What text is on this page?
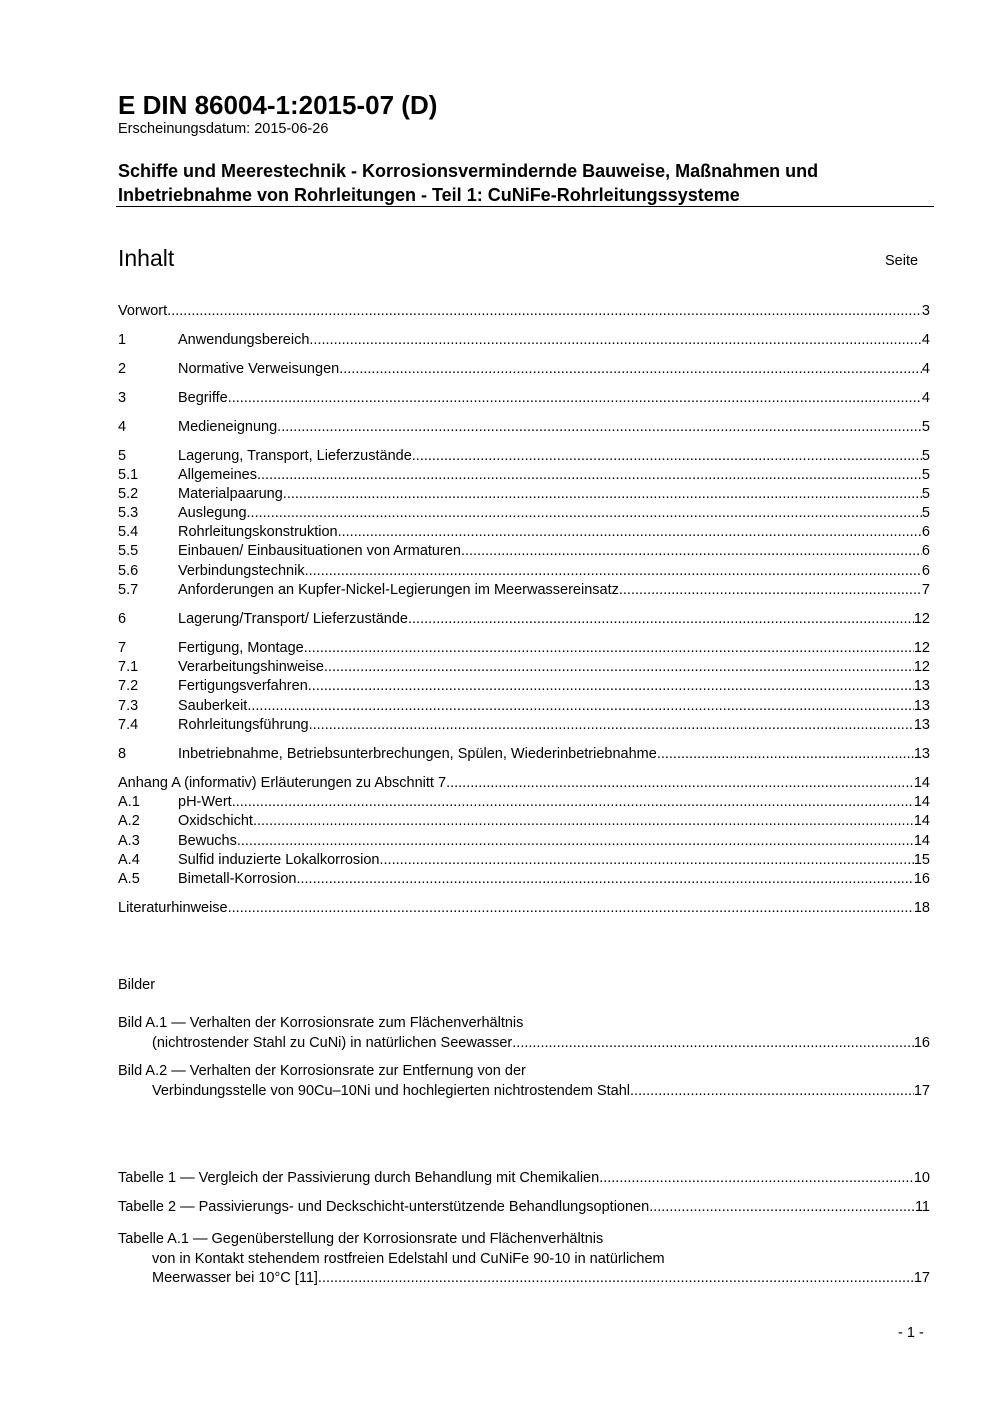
E DIN 86004-1:2015-07 (D)
Erscheinungsdatum: 2015-06-26
Schiffe und Meerestechnik - Korrosionsvermindernde Bauweise, Maßnahmen und
Inbetriebnahme von Rohrleitungen - Teil 1: CuNiFe-Rohrleitungssysteme
Inhalt	Seite
Vorwort .....	3
1	Anwendungsbereich .....	4
2	Normative Verweisungen .....	4
3	Begriffe .....	4
4	Medieneignung .....	5
5	Lagerung, Transport, Lieferzustände .....	5
5.1	Allgemeines .....	5
5.2	Materialpaarung .....	5
5.3	Auslegung .....	5
5.4	Rohrleitungskonstruktion .....	6
5.5	Einbauen/ Einbausituationen von Armaturen .....	6
5.6	Verbindungstechnik .....	6
5.7	Anforderungen an Kupfer-Nickel-Legierungen im Meerwassereinsatz .....	7
6	Lagerung/Transport/ Lieferzustände .....	12
7	Fertigung, Montage .....	12
7.1	Verarbeitungshinweise .....	12
7.2	Fertigungsverfahren .....	13
7.3	Sauberkeit .....	13
7.4	Rohrleitungsführung .....	13
8	Inbetriebnahme, Betriebsunterbrechungen, Spülen, Wiederinbetriebnahme .....	13
Anhang A (informativ) Erläuterungen zu Abschnitt 7 .....	14
A.1	pH-Wert .....	14
A.2	Oxidschicht .....	14
A.3	Bewuchs .....	14
A.4	Sulfid induzierte Lokalkorrosion .....	15
A.5	Bimetall-Korrosion .....	16
Literaturhinweise .....	18
Bilder
Bild A.1 — Verhalten der Korrosionsrate zum Flächenverhältnis
(nichtrostender Stahl zu CuNi) in natürlichen Seewasser .....	16
Bild A.2 — Verhalten der Korrosionsrate zur Entfernung von der
Verbindungsstelle von 90Cu–10Ni und hochlegierten nichtrostendem Stahl .....	17
Tabelle 1 — Vergleich der Passivierung durch Behandlung mit Chemikalien .....	10
Tabelle 2 — Passivierungs- und Deckschicht-unterstützende Behandlungsoptionen .....	11
Tabelle A.1 — Gegenüberstellung der Korrosionsrate und Flächenverhältnis
von in Kontakt stehendem rostfreien Edelstahl und CuNiFe 90-10 in natürlichem
Meerwasser bei 10°C [11]. .....	17
- 1 -
